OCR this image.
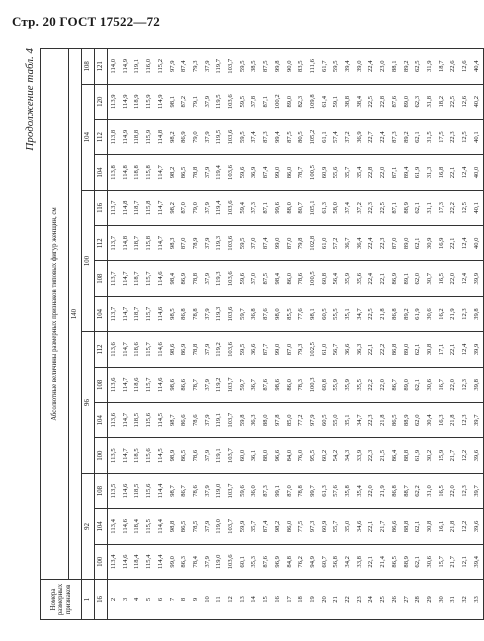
Стр. 20 ГОСТ 17522—72
Продолжение табл. 4
Номера размерных признаков	Абсолютные величины размерных признаков типовых фигур женщин, см														
	140														
1	92			96				100				104			108
16	100	104	108	100	104	108	112	104	108	112	116	104	112	120	121
2	113,4	113,4	113,5	113,5	113,6	113,6	113,6	113,7	113,7	113,7	113,7	113,8	113,8	113,9	114,0
3	114,6	114,6	114,6	114,7	114,7	114,7	114,7	114,7	114,7	114,8	114,8	114,8	114,9	114,9	114,9
4	118,4	118,4	118,5	118,5	118,5	118,6	118,6	118,7	118,7	118,7	118,7	118,8	118,8	118,9	119,1
5	115,4	115,5	115,6	115,6	115,6	115,7	115,7	115,7	115,7	115,8	115,8	115,8	115,9	115,9	116,0
6	114,4	114,4	114,4	114,5	114,5	114,6	114,6	114,6	114,6	114,7	114,7	114,7	114,8	114,9	115,2
7	99,0	98,8	98,7	98,9	98,7	98,6	98,6	98,5	98,4	98,3	98,2	98,2	98,2	98,1	97,9
8	86,3	86,5	86,7	86,5	86,6	86,6	86,9	86,8	86,9	87,0	87,0	86,5	86,9	87,2	87,4
9	78,4	78,5	78,6	78,6	78,6	78,7	78,8	78,8	78,8	78,9	79,0	78,8	79,0	79,1	79,3
10	37,9	37,9	37,9	37,9	37,9	37,9	37,9	37,9	37,9	37,9	37,9	37,9	37,9	37,9	37,9
11	119,0	119,0	119,0	119,1	119,1	119,2	119,2	119,3	119,3	119,3	119,4	119,4	119,5	119,5	119,7
12	103,6	103,7	103,7	103,7	103,7	103,7	103,6	103,6	103,6	103,6	103,6	103,6	103,6	103,6	103,7
13	60,1	59,9	59,6	60,0	59,8	59,7	59,5	59,7	59,6	59,5	59,4	59,6	59,5	59,5	59,5
14	35,3	35,7	36,0	36,1	36,3	36,7	36,6	36,8	37,0	37,0	37,3	36,9	37,4	37,8	38,5
15	87,6	87,4	87,3	88,0	88,0	87,6	87,7	87,6	87,5	87,4	87,1	87,4	87,3	87,1	87,5
16	96,9	98,2	99,1	96,6	97,8	98,6	99,0	98,0	98,4	99,0	99,6	99,0	99,4	100,2	99,8
17	84,8	86,0	87,0	84,0	85,0	86,0	87,0	85,5	86,0	87,0	88,0	86,0	87,5	89,0	90,0
18	76,2	77,5	78,8	76,0	77,2	78,3	79,3	77,6	78,6	79,8	80,7	78,7	80,5	82,3	83,5
19	94,9	97,3	99,7	95,5	97,9	100,3	102,5	98,1	100,5	102,8	105,1	100,5	105,2	109,8	111,6
20	60,7	60,9	61,3	60,2	60,5	60,8	61,0	60,5	60,8	61,0	61,3	60,9	61,1	61,4	61,7
21	56,8	55,7	57,6	54,2	55,0	55,9	56,7	55,5	56,4	57,2	58,0	55,6	57,4	59,1	59,5
22	34,2	35,0	35,8	34,3	35,1	35,9	36,6	35,1	35,9	36,7	37,4	35,7	37,2	38,8	39,4
23	33,8	34,6	35,4	33,9	34,7	35,5	36,3	34,7	35,6	36,4	37,2	35,4	36,9	38,4	39,0
24	22,1	22,1	22,0	22,3	22,3	22,2	22,1	22,5	22,4	22,4	22,3	22,8	22,7	22,5	22,4
25	21,4	21,7	21,9	21,5	21,8	22,0	22,2	21,8	22,1	22,3	22,5	22,0	22,4	22,8	23,0
26	86,5	86,6	86,8	86,4	86,5	86,7	86,8	86,8	86,9	87,0	87,1	87,1	87,3	87,6	88,1
27	88,9	88,8	88,7	88,8	88,9	89,0	89,0	89,2	89,1	89,0	88,9	89,4	89,2	89,0	89,2
28	62,1	62,1	62,2	61,9	62,0	62,1	62,1	61,9	62,0	62,1	62,1	61,9	62,1	62,3	62,5
29	30,6	30,8	31,0	30,2	30,4	30,6	30,8	30,6	30,7	30,9	31,1	31,3	31,5	31,8	31,9
30	15,7	16,1	16,5	15,9	16,3	16,7	17,1	16,2	16,5	16,9	17,3	16,8	17,5	18,2	18,7
31	21,7	21,8	22,0	21,7	21,8	22,0	22,1	21,9	22,0	22,1	22,2	22,1	22,3	22,5	22,6
32	12,1	12,2	12,3	12,2	12,3	12,3	12,4	12,3	12,4	12,4	12,5	12,4	12,5	12,6	12,6
33	39,4	39,6	39,7	39,6	39,7	39,8	39,9	39,8	39,9	40,0	40,1	40,0	40,1	40,2	40,4
